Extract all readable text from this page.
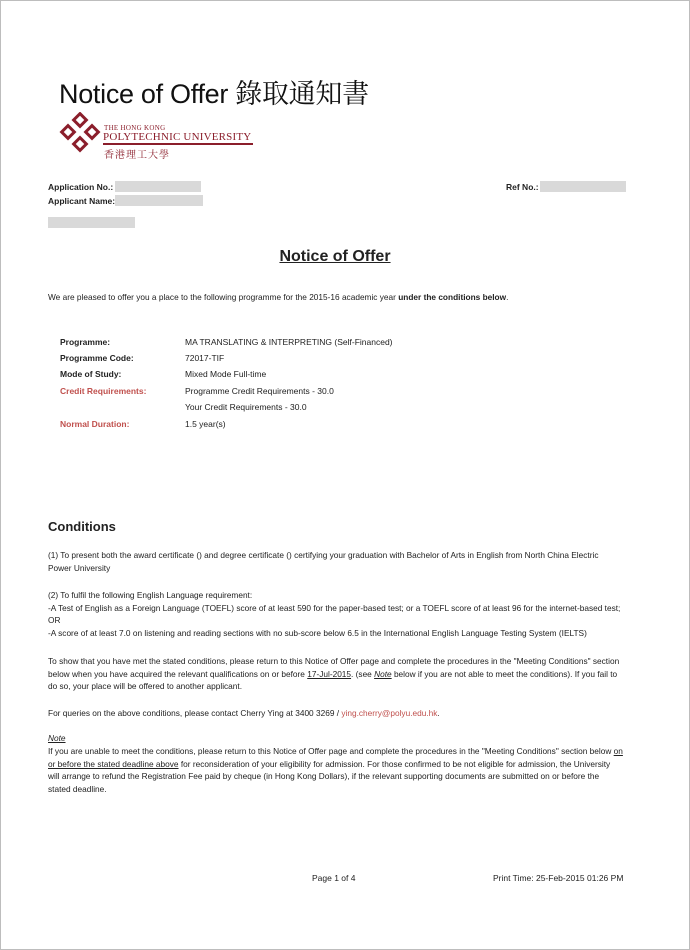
Notice of Offer 錄取通知書
THE HONG KONG
POLYTECHNIC UNIVERSITY
香港理工大學
Application No.:
Applicant Name:
Ref No.:
Notice of Offer
We are pleased to offer you a place to the following programme for the 2015-16 academic year under the conditions below.
Programme:	MA TRANSLATING & INTERPRETING (Self-Financed)
Programme Code:	72017-TIF
Mode of Study:	Mixed Mode Full-time
Credit Requirements:	Programme Credit Requirements - 30.0
Your Credit Requirements - 30.0
Normal Duration:	1.5 year(s)
Conditions
(1) To present both the award certificate () and degree certificate () certifying your graduation with Bachelor of Arts in English from North China Electric Power University
(2) To fulfil the following English Language requirement:
-A Test of English as a Foreign Language (TOEFL) score of at least 590 for the paper-based test; or a TOEFL score of at least 96 for the internet-based test;
OR
-A score of at least 7.0 on listening and reading sections with no sub-score below 6.5 in the International English Language Testing System (IELTS)
To show that you have met the stated conditions, please return to this Notice of Offer page and complete the procedures in the "Meeting Conditions" section below when you have acquired the relevant qualifications on or before 17-Jul-2015. (see Note below if you are not able to meet the conditions). If you fail to do so, your place will be offered to another applicant.
For queries on the above conditions, please contact Cherry Ying at 3400 3269 / ying.cherry@polyu.edu.hk.
Note
If you are unable to meet the conditions, please return to this Notice of Offer page and complete the procedures in the "Meeting Conditions" section below on or before the stated deadline above for reconsideration of your eligibility for admission. For those confirmed to be not eligible for admission, the University will arrange to refund the Registration Fee paid by cheque (in Hong Kong Dollars), if the relevant supporting documents are submitted on or before the stated deadline.
Page 1 of 4	Print Time: 25-Feb-2015 01:26 PM
